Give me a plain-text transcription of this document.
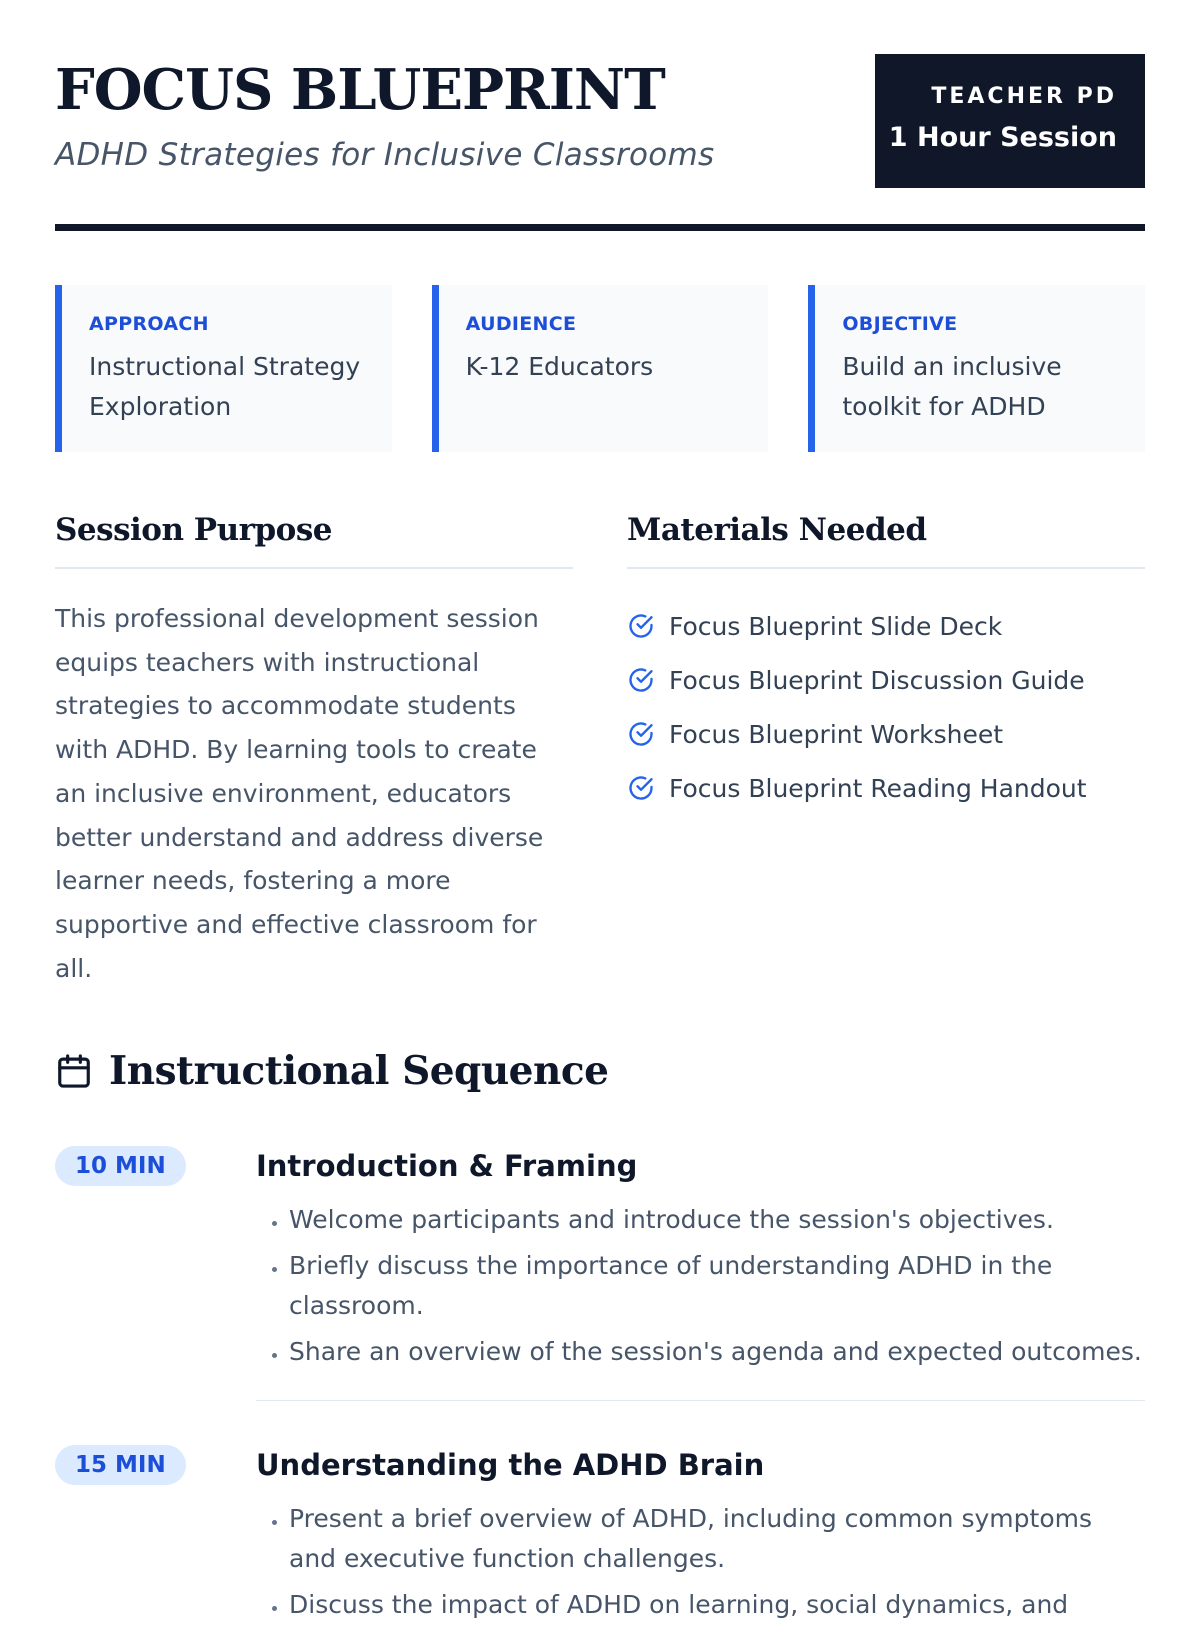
FOCUS BLUEPRINT
ADHD Strategies for Inclusive Classrooms
TEACHER PD
1 Hour Session
APPROACH
Instructional Strategy Exploration
AUDIENCE
K-12 Educators
OBJECTIVE
Build an inclusive toolkit for ADHD
Session Purpose

This professional development session equips teachers with instructional strategies to accommodate students with ADHD. By learning tools to create an inclusive environment, educators better understand and address diverse learner needs, fostering a more supportive and effective classroom for all.

Materials Needed
Focus Blueprint Slide Deck
Focus Blueprint Discussion Guide
Focus Blueprint Worksheet
Focus Blueprint Reading Handout
Instructional Sequence
10 MIN	Introduction & Framing
• Welcome participants and introduce the session's objectives.
• Briefly discuss the importance of understanding ADHD in the classroom.
• Share an overview of the session's agenda and expected outcomes.
15 MIN	Understanding the ADHD Brain
• Present a brief overview of ADHD, including common symptoms and executive function challenges.
• Discuss the impact of ADHD on learning, social dynamics, and
